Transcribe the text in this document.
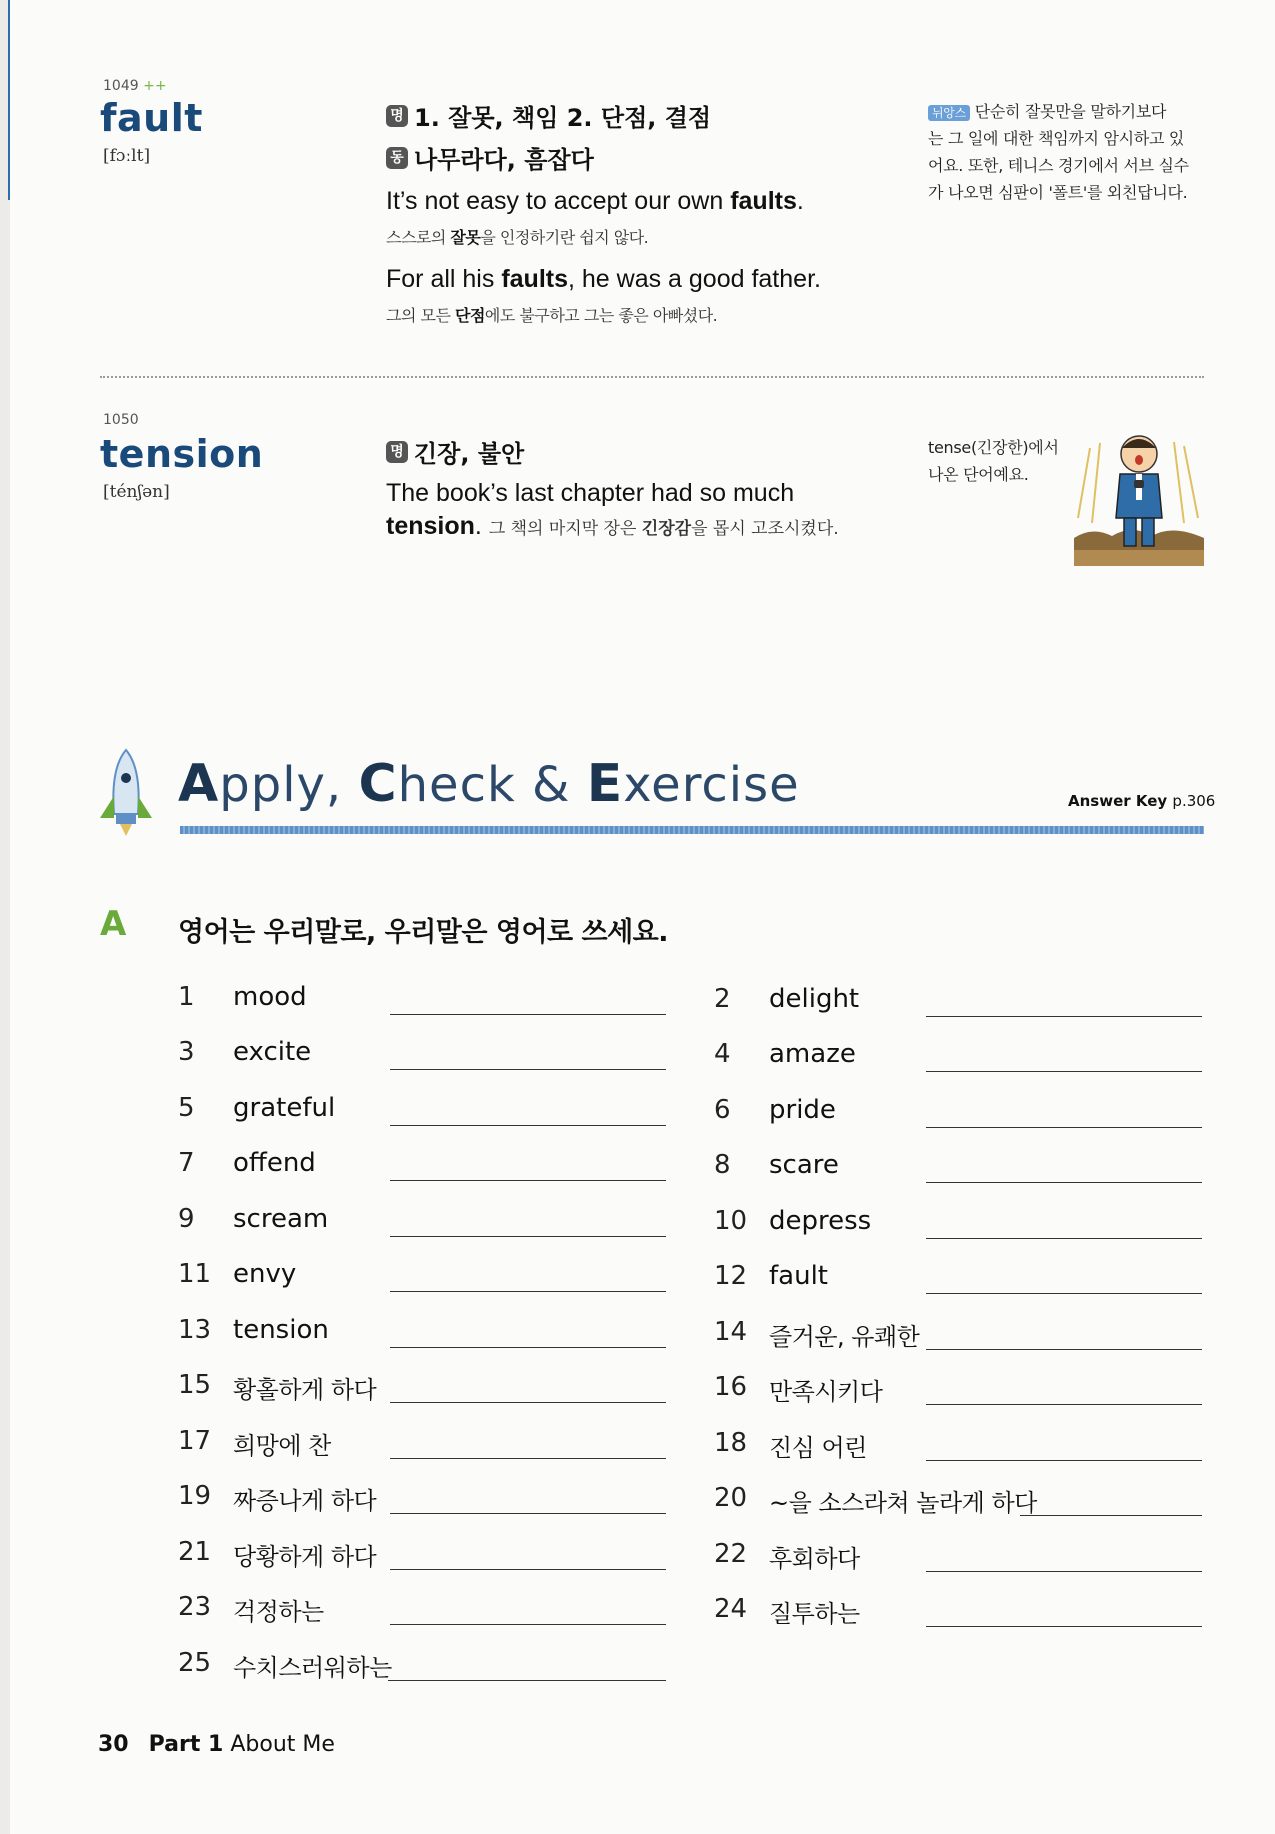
1049 ++
fault
[fɔːlt]
명 1. 잘못, 책임 2. 단점, 결점
동 나무라다, 흠잡다
It’s not easy to accept our own faults.
스스로의 잘못을 인정하기란 쉽지 않다.
For all his faults, he was a good father.
그의 모든 단점에도 불구하고 그는 좋은 아빠셨다.
뉘앙스 단순히 잘못만을 말하기보다
는 그 일에 대한 책임까지 암시하고 있
어요. 또한, 테니스 경기에서 서브 실수
가 나오면 심판이 '폴트'를 외친답니다.
1050
tension
[ténʃən]
명 긴장, 불안
The book’s last chapter had so much
tension. 그 책의 마지막 장은 긴장감을 몹시 고조시켰다.
tense(긴장한)에서
나온 단어예요.
Apply, Check & Exercise	Answer Key p.306
A 영어는 우리말로, 우리말은 영어로 쓰세요.
1 mood	2 delight
3 excite	4 amaze
5 grateful	6 pride
7 offend	8 scare
9 scream	10 depress
11 envy	12 fault
13 tension	14 즐거운, 유쾌한
15 황홀하게 하다	16 만족시키다
17 희망에 찬	18 진심 어린
19 짜증나게 하다	20 ~을 소스라쳐 놀라게 하다
21 당황하게 하다	22 후회하다
23 걱정하는	24 질투하는
25 수치스러워하는
30 Part 1 About Me
